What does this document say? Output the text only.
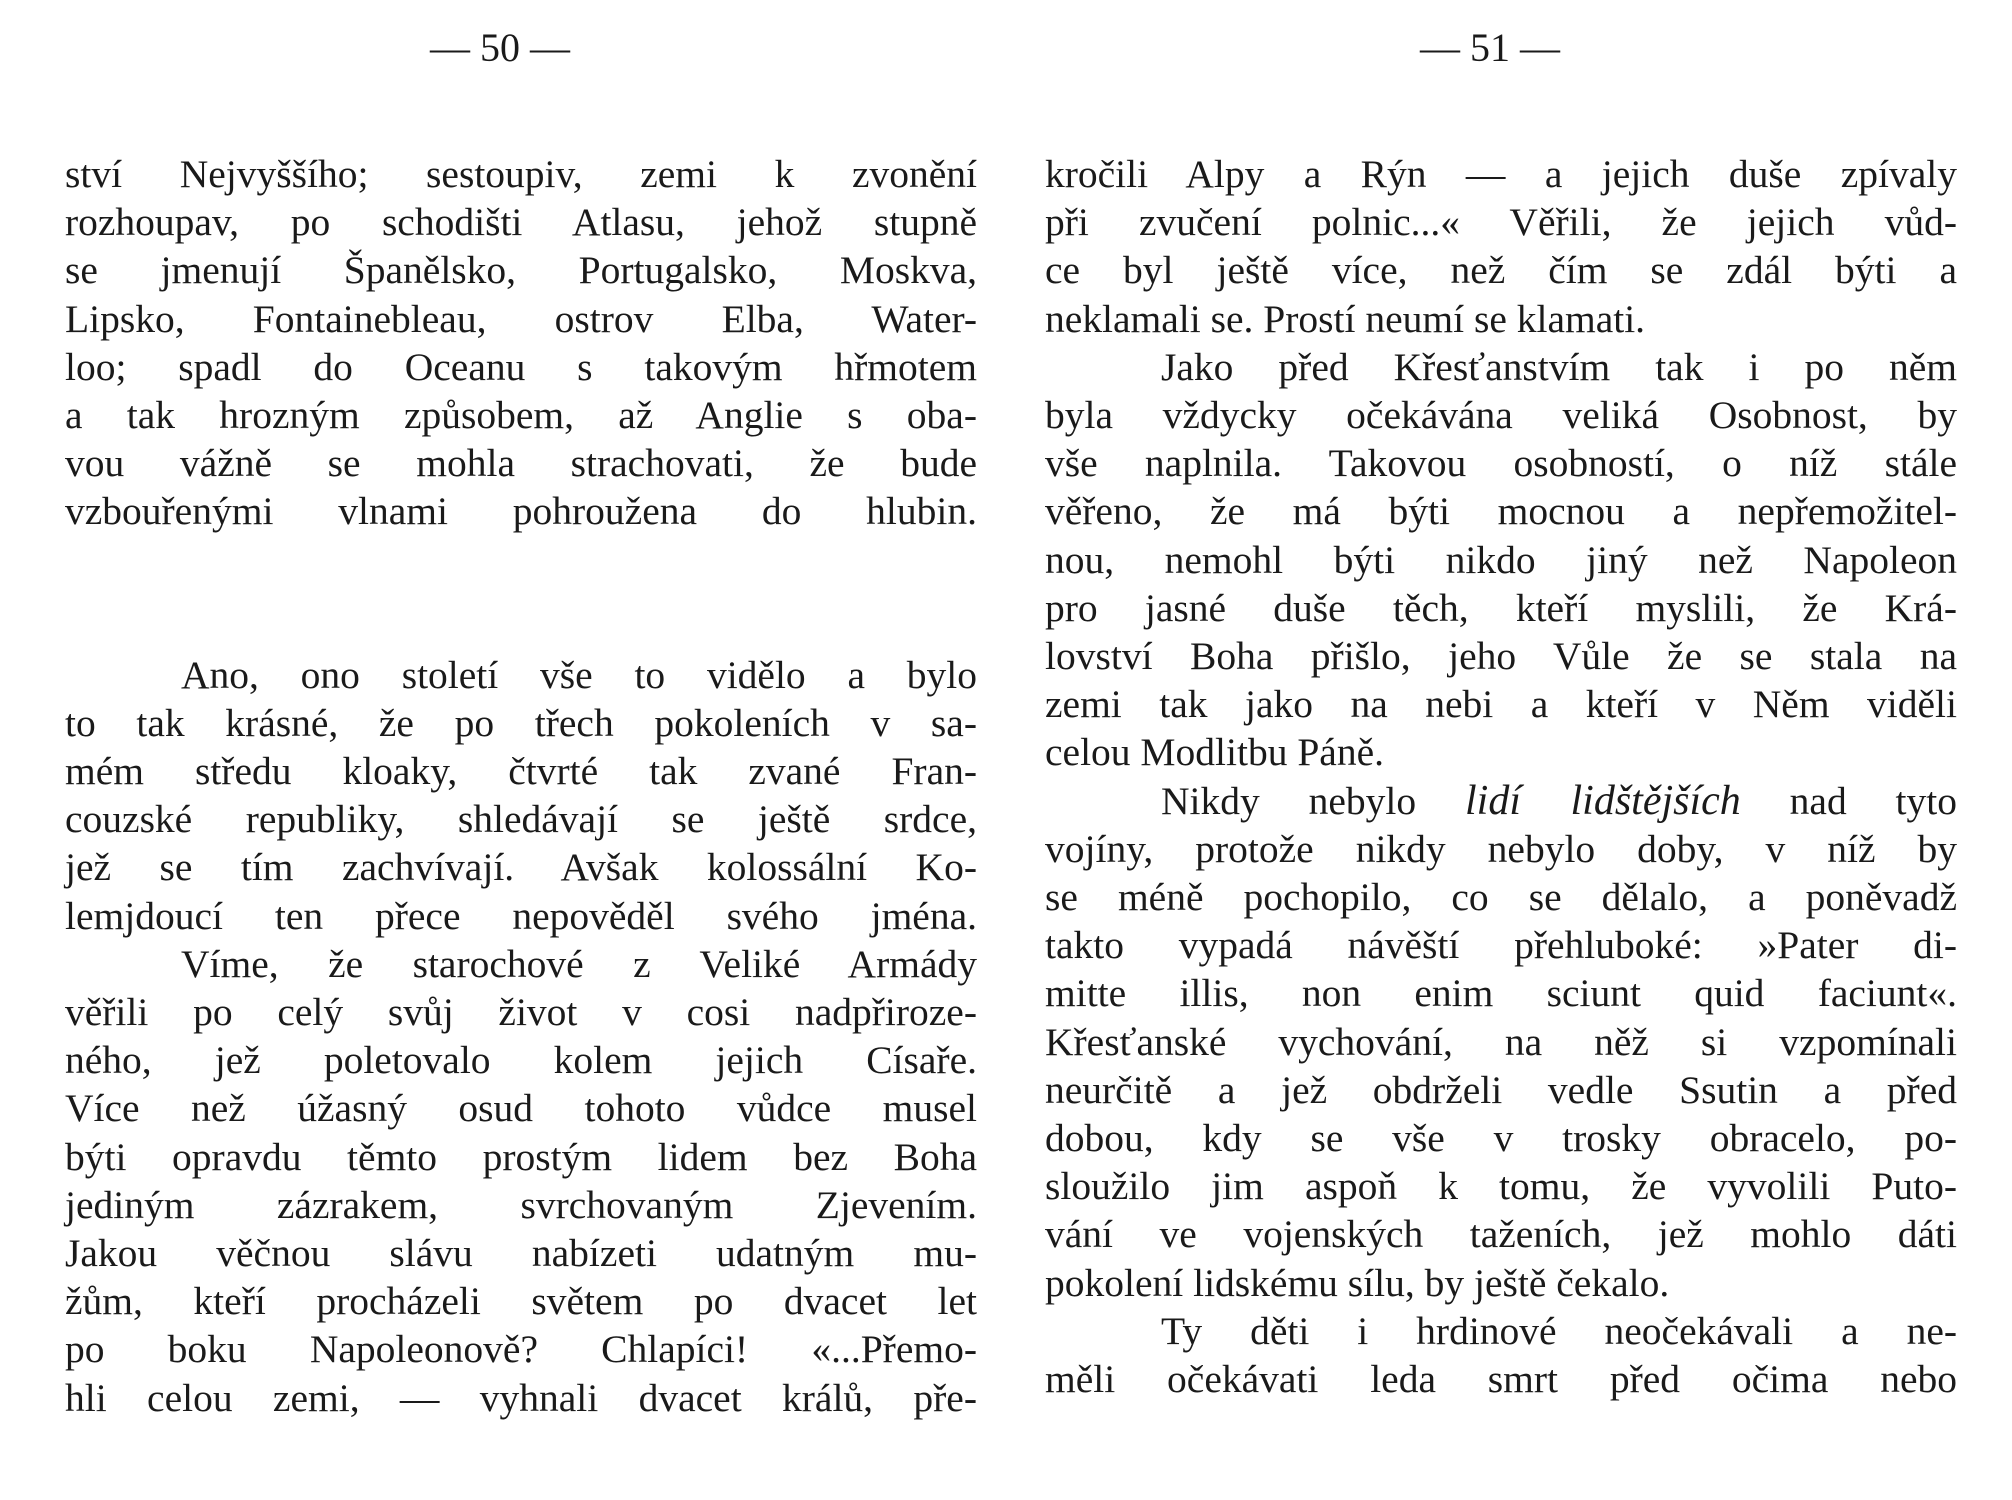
— 50 —	— 51 —
ství Nejvyššího; sestoupiv, zemi k zvonění
rozhoupav, po schodišti Atlasu, jehož stupně
se jmenují Španělsko, Portugalsko, Moskva,
Lipsko, Fontainebleau, ostrov Elba, Water-
loo; spadl do Oceanu s takovým hřmotem
a tak hrozným způsobem, až Anglie s oba-
vou vážně se mohla strachovati, že bude
vzbouřenými vlnami pohroužena do hlubin.
Ano, ono století vše to vidělo a bylo
to tak krásné, že po třech pokoleních v sa-
mém středu kloaky, čtvrté tak zvané Fran-
couzské republiky, shledávají se ještě srdce,
jež se tím zachvívají. Avšak kolossální Ko-
lemjdoucí ten přece nepověděl svého jména.
Víme, že starochové z Veliké Armády
věřili po celý svůj život v cosi nadpřiroze-
ného, jež poletovalo kolem jejich Císaře.
Více než úžasný osud tohoto vůdce musel
býti opravdu těmto prostým lidem bez Boha
jediným zázrakem, svrchovaným Zjevením.
Jakou věčnou slávu nabízeti udatným mu-
žům, kteří procházeli světem po dvacet let
po boku Napoleonově? Chlapíci! «...Přemo-
hli celou zemi, — vyhnali dvacet králů, pře-
kročili Alpy a Rýn — a jejich duše zpívaly
při zvučení polnic...« Věřili, že jejich vůd-
ce byl ještě více, než čím se zdál býti a
neklamali se. Prostí neumí se klamati.
Jako před Křesťanstvím tak i po něm
byla vždycky očekávána veliká Osobnost, by
vše naplnila. Takovou osobností, o níž stále
věřeno, že má býti mocnou a nepřemožitel-
nou, nemohl býti nikdo jiný než Napoleon
pro jasné duše těch, kteří myslili, že Krá-
lovství Boha přišlo, jeho Vůle že se stala na
zemi tak jako na nebi a kteří v Něm viděli
celou Modlitbu Páně.
Nikdy nebylo lidí lidštějších nad tyto
vojíny, protože nikdy nebylo doby, v níž by
se méně pochopilo, co se dělalo, a poněvadž
takto vypadá návěští přehluboké: »Pater di-
mitte illis, non enim sciunt quid faciunt«.
Křesťanské vychování, na něž si vzpomínali
neurčitě a jež obdrželi vedle Ssutin a před
dobou, kdy se vše v trosky obracelo, po-
sloužilo jim aspoň k tomu, že vyvolili Puto-
vání ve vojenských taženích, jež mohlo dáti
pokolení lidskému sílu, by ještě čekalo.
Ty děti i hrdinové neočekávali a ne-
měli očekávati leda smrt před očima nebo
